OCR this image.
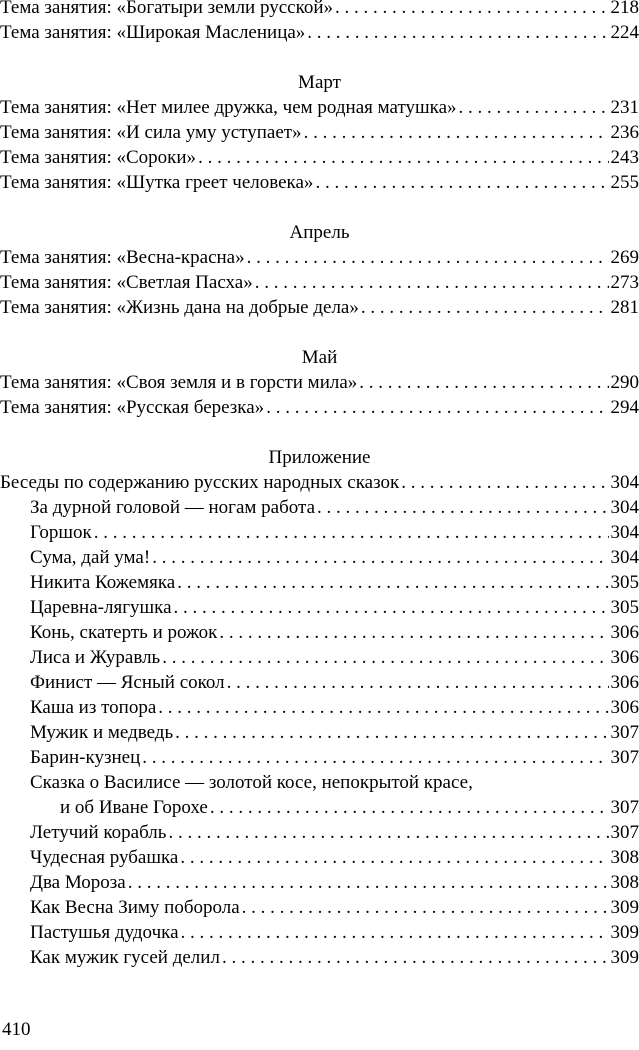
Тема занятия: «Богатыри земли русской» . . .	218
Тема занятия: «Широкая Масленица» . . .	224
Март
Тема занятия: «Нет милее дружка, чем родная матушка» . . .	231
Тема занятия: «И сила уму уступает» . . .	236
Тема занятия: «Сороки» . . .	243
Тема занятия: «Шутка греет человека» . . .	255
Апрель
Тема занятия: «Весна-красна» . . .	269
Тема занятия: «Светлая Пасха» . . .	273
Тема занятия: «Жизнь дана на добрые дела» . . .	281
Май
Тема занятия: «Своя земля и в горсти мила» . . .	290
Тема занятия: «Русская березка» . . .	294
Приложение
Беседы по содержанию русских народных сказок . . .	304
За дурной головой — ногам работа . . .	304
Горшок . . .	304
Сума, дай ума! . . .	304
Никита Кожемяка . . .	305
Царевна-лягушка . . .	305
Конь, скатерть и рожок . . .	306
Лиса и Журавль . . .	306
Финист — Ясный сокол . . .	306
Каша из топора . . .	306
Мужик и медведь . . .	307
Барин-кузнец . . .	307
Сказка о Василисе — золотой косе, непокрытой красе,
и об Иване Горохе . . .	307
Летучий корабль . . .	307
Чудесная рубашка . . .	308
Два Мороза . . .	308
Как Весна Зиму поборола . . .	309
Пастушья дудочка . . .	309
Как мужик гусей делил . . .	309
410
